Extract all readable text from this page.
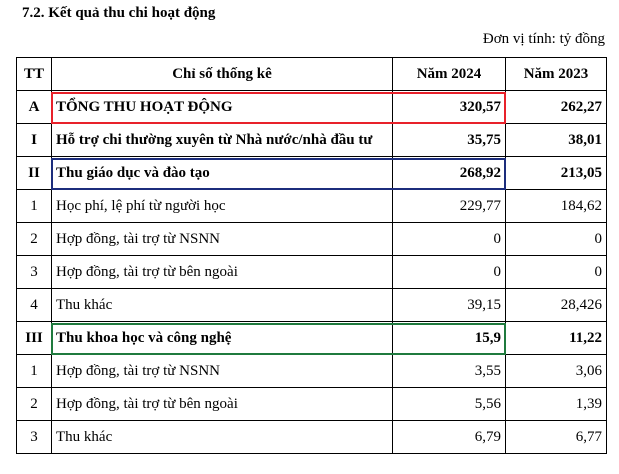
7.2. Kết quả thu chi hoạt động
Đơn vị tính: tỷ đồng
TT	Chỉ số thống kê	Năm 2024	Năm 2023
A	TỔNG THU HOẠT ĐỘNG	320,57	262,27
I	Hỗ trợ chi thường xuyên từ Nhà nước/nhà đầu tư	35,75	38,01
II	Thu giáo dục và đào tạo	268,92	213,05
1	Học phí, lệ phí từ người học	229,77	184,62
2	Hợp đồng, tài trợ từ NSNN	0	0
3	Hợp đồng, tài trợ từ bên ngoài	0	0
4	Thu khác	39,15	28,426
III	Thu khoa học và công nghệ	15,9	11,22
1	Hợp đồng, tài trợ từ NSNN	3,55	3,06
2	Hợp đồng, tài trợ từ bên ngoài	5,56	1,39
3	Thu khác	6,79	6,77
